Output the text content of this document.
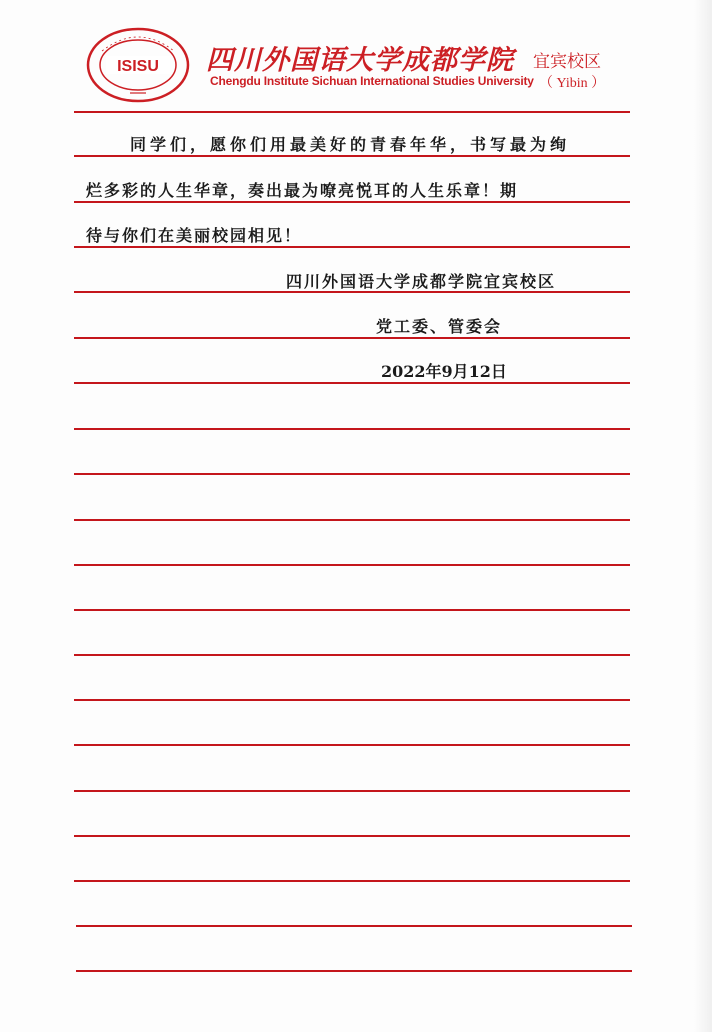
ISISU 四川外国语大学成都学院
Chengdu Institute Sichuan International Studies University
宜宾校区
（ Yibin ）
同学们，愿你们用最美好的青春年华，书写最为绚
烂多彩的人生华章，奏出最为嘹亮悦耳的人生乐章！期
待与你们在美丽校园相见！
四川外国语大学成都学院宜宾校区
党工委、管委会
2022年9月12日
